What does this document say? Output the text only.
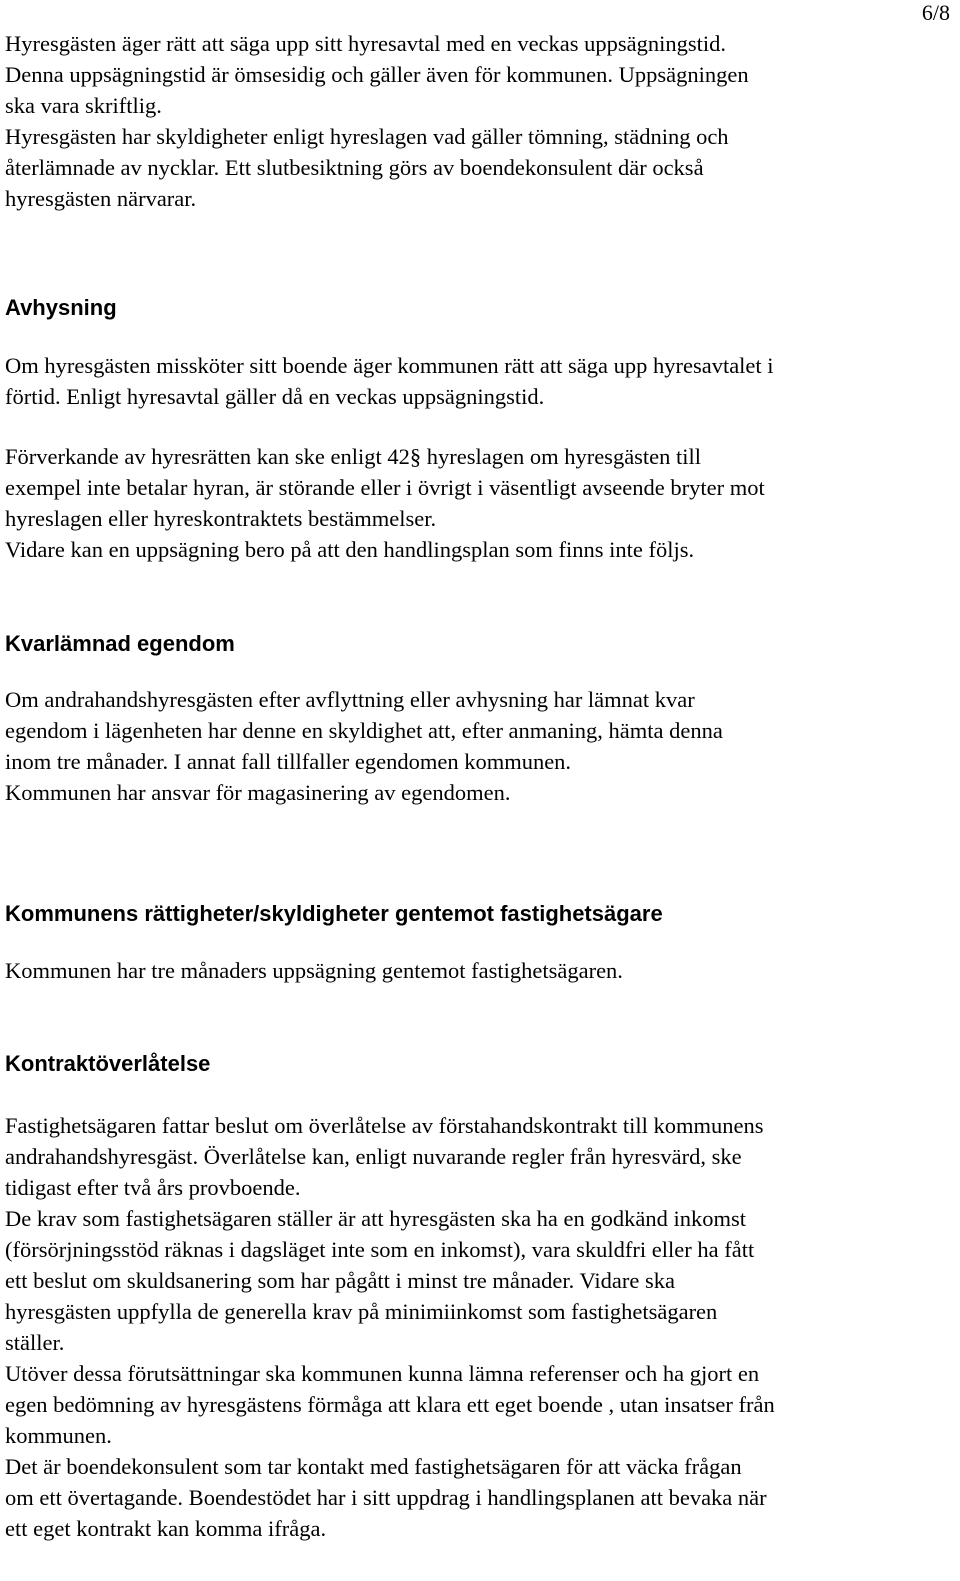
6/8

Hyresgästen äger rätt att säga upp sitt hyresavtal med en veckas uppsägningstid.
Denna uppsägningstid är ömsesidig och gäller även för kommunen. Uppsägningen
ska vara skriftlig.

Hyresgästen har skyldigheter enligt hyreslagen vad gäller tömning, städning och
återlämnade av nycklar. Ett slutbesiktning görs av boendekonsulent där också
hyresgästen närvarar.

Avhysning

Om hyresgästen missköter sitt boende äger kommunen rätt att säga upp hyresavtalet i
förtid. Enligt hyresavtal gäller då en veckas uppsägningstid.

Förverkande av hyresrätten kan ske enligt 42§ hyreslagen om hyresgästen till
exempel inte betalar hyran, är störande eller i övrigt i väsentligt avseende bryter mot
hyreslagen eller hyreskontraktets bestämmelser.

Vidare kan en uppsägning bero på att den handlingsplan som finns inte följs.

Kvarlämnad egendom

Om andrahandshyresgästen efter avflyttning eller avhysning har lämnat kvar
egendom i lägenheten har denne en skyldighet att, efter anmaning, hämta denna
inom tre månader. I annat fall tillfaller egendomen kommunen.

Kommunen har ansvar för magasinering av egendomen.

Kommunens rättigheter/skyldigheter gentemot fastighetsägare

Kommunen har tre månaders uppsägning gentemot fastighetsägaren.

Kontraktöverlåtelse

Fastighetsägaren fattar beslut om överlåtelse av förstahandskontrakt till kommunens
andrahandshyresgäst. Överlåtelse kan, enligt nuvarande regler från hyresvärd, ske
tidigast efter två års provboende.

De krav som fastighetsägaren ställer är att hyresgästen ska ha en godkänd inkomst
(försörjningsstöd räknas i dagsläget inte som en inkomst), vara skuldfri eller ha fått
ett beslut om skuldsanering som har pågått i minst tre månader. Vidare ska
hyresgästen uppfylla de generella krav på minimiinkomst som fastighetsägaren
ställer.

Utöver dessa förutsättningar ska kommunen kunna lämna referenser och ha gjort en
egen bedömning av hyresgästens förmåga att klara ett eget boende , utan insatser från
kommunen.

Det är boendekonsulent som tar kontakt med fastighetsägaren för att väcka frågan
om ett övertagande. Boendestödet har i sitt uppdrag i handlingsplanen att bevaka när
ett eget kontrakt kan komma ifråga.
